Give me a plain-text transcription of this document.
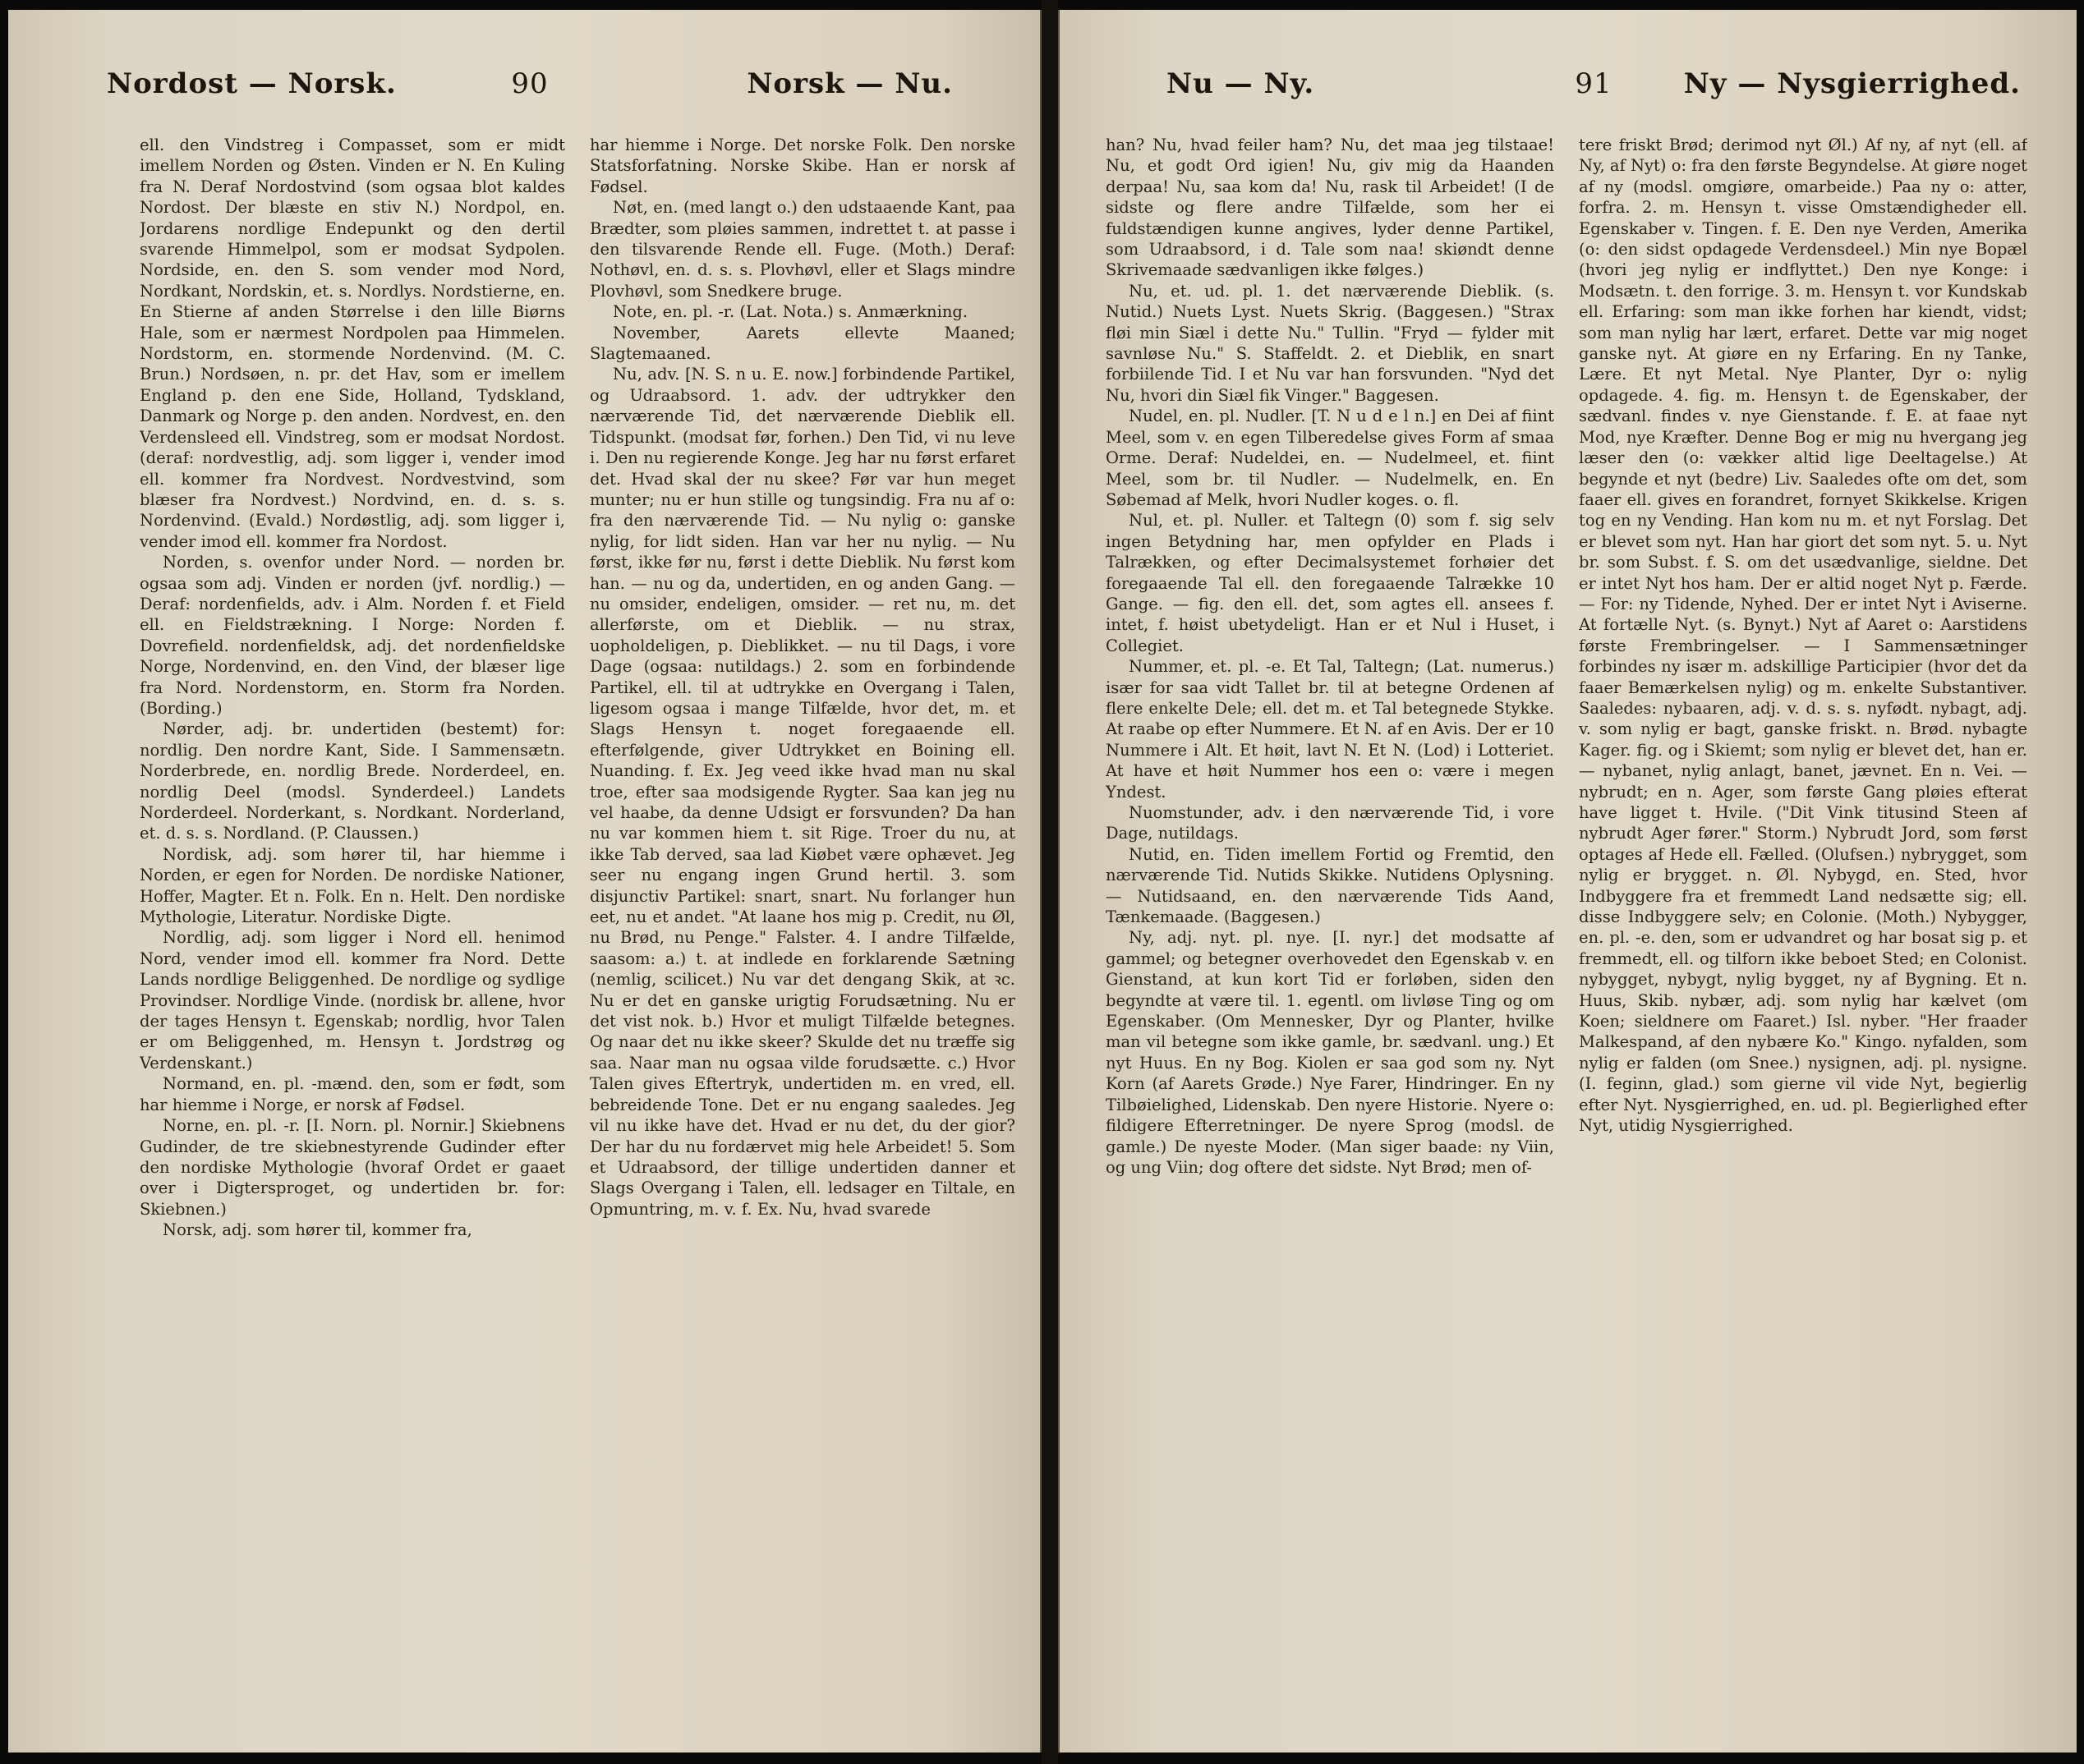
Nordost — Norsk.	90	Norsk — Nu.

ell. den Vindstreg i Compasset, som er midt imellem Norden og Østen. Vinden er N. En Kuling fra N. Deraf Nordostvind (som ogsaa blot kaldes Nordost. Der blæste en stiv N.) Nordpol, en. Jordarens nordlige Endepunkt og den dertil svarende Himmelpol, som er modsat Sydpolen. Nordside, en. den S. som vender mod Nord, Nordkant, Nordskin, et. s. Nordlys. Nordstierne, en. En Stierne af anden Størrelse i den lille Biørns Hale, som er nærmest Nordpolen paa Himmelen. Nordstorm, en. stormende Nordenvind. (M. C. Brun.) Nordsøen, n. pr. det Hav, som er imellem England p. den ene Side, Holland, Tydskland, Danmark og Norge p. den anden. Nordvest, en. den Verdensleed ell. Vindstreg, som er modsat Nordost. (deraf: nordvestlig, adj. som ligger i, vender imod ell. kommer fra Nordvest. Nordvestvind, som blæser fra Nordvest.) Nordvind, en. d. s. s. Nordenvind. (Evald.) Nordøstlig, adj. som ligger i, vender imod ell. kommer fra Nordost.

Norden, s. ovenfor under Nord. — norden br. ogsaa som adj. Vinden er norden (jvf. nordlig.) — Deraf: nordenfields, adv. i Alm. Norden f. et Field ell. en Fieldstrækning. I Norge: Norden f. Dovrefield. nordenfieldsk, adj. det nordenfieldske Norge, Nordenvind, en. den Vind, der blæser lige fra Nord. Nordenstorm, en. Storm fra Norden. (Bording.)

Nørder, adj. br. undertiden (bestemt) for: nordlig. Den nordre Kant, Side. I Sammensætn. Norderbrede, en. nordlig Brede. Norderdeel, en. nordlig Deel (modsl. Synderdeel.) Landets Norderdeel. Norderkant, s. Nordkant. Norderland, et. d. s. s. Nordland. (P. Claussen.)

Nordisk, adj. som hører til, har hiemme i Norden, er egen for Norden. De nordiske Nationer, Hoffer, Magter. Et n. Folk. En n. Helt. Den nordiske Mythologie, Literatur. Nordiske Digte.

Nordlig, adj. som ligger i Nord ell. henimod Nord, vender imod ell. kommer fra Nord. Dette Lands nordlige Beliggenhed. De nordlige og sydlige Provindser. Nordlige Vinde. (nordisk br. allene, hvor der tages Hensyn t. Egenskab; nordlig, hvor Talen er om Beliggenhed, m. Hensyn t. Jordstrøg og Verdenskant.)

Normand, en. pl. -mænd. den, som er født, som har hiemme i Norge, er norsk af Fødsel.

Norne, en. pl. -r. [I. Norn. pl. Nornir.] Skiebnens Gudinder, de tre skiebnestyrende Gudinder efter den nordiske Mythologie (hvoraf Ordet er gaaet over i Digtersproget, og undertiden br. for: Skiebnen.)

Norsk, adj. som hører til, kommer fra,

har hiemme i Norge. Det norske Folk. Den norske Statsforfatning. Norske Skibe. Han er norsk af Fødsel.

Nøt, en. (med langt o.) den udstaaende Kant, paa Brædter, som pløies sammen, indrettet t. at passe i den tilsvarende Rende ell. Fuge. (Moth.) Deraf: Nothøvl, en. d. s. s. Plovhøvl, eller et Slags mindre Plovhøvl, som Snedkere bruge.

Note, en. pl. -r. (Lat. Nota.) s. Anmærkning.

November, Aarets ellevte Maaned; Slagtemaaned.

Nu, adv. [N. S. n u. E. now.] forbindende Partikel, og Udraabsord. 1. adv. der udtrykker den nærværende Tid, det nærværende Dieblik ell. Tidspunkt. (modsat før, forhen.) Den Tid, vi nu leve i. Den nu regierende Konge. Jeg har nu først erfaret det. Hvad skal der nu skee? Før var hun meget munter; nu er hun stille og tungsindig. Fra nu af o: fra den nærværende Tid. — Nu nylig o: ganske nylig, for lidt siden. Han var her nu nylig. — Nu først, ikke før nu, først i dette Dieblik. Nu først kom han. — nu og da, undertiden, en og anden Gang. — nu omsider, endeligen, omsider. — ret nu, m. det allerførste, om et Dieblik. — nu strax, uopholdeligen, p. Dieblikket. — nu til Dags, i vore Dage (ogsaa: nutildags.) 2. som en forbindende Partikel, ell. til at udtrykke en Overgang i Talen, ligesom ogsaa i mange Tilfælde, hvor det, m. et Slags Hensyn t. noget foregaaende ell. efterfølgende, giver Udtrykket en Boining ell. Nuanding. f. Ex. Jeg veed ikke hvad man nu skal troe, efter saa modsigende Rygter. Saa kan jeg nu vel haabe, da denne Udsigt er forsvunden? Da han nu var kommen hiem t. sit Rige. Troer du nu, at ikke Tab derved, saa lad Kiøbet være ophævet. Jeg seer nu engang ingen Grund hertil. 3. som disjunctiv Partikel: snart, snart. Nu forlanger hun eet, nu et andet. "At laane hos mig p. Credit, nu Øl, nu Brød, nu Penge." Falster. 4. I andre Tilfælde, saasom: a.) t. at indlede en forklarende Sætning (nemlig, scilicet.) Nu var det dengang Skik, at ꝛc. Nu er det en ganske urigtig Forudsætning. Nu er det vist nok. b.) Hvor et muligt Tilfælde betegnes. Og naar det nu ikke skeer? Skulde det nu træffe sig saa. Naar man nu ogsaa vilde forudsætte. c.) Hvor Talen gives Eftertryk, undertiden m. en vred, ell. bebreidende Tone. Det er nu engang saaledes. Jeg vil nu ikke have det. Hvad er nu det, du der gior? Der har du nu fordærvet mig hele Arbeidet! 5. Som et Udraabsord, der tillige undertiden danner et Slags Overgang i Talen, ell. ledsager en Tiltale, en Opmuntring, m. v. f. Ex. Nu, hvad svarede

Nu — Ny.	91	Ny — Nysgierrighed.

han? Nu, hvad feiler ham? Nu, det maa jeg tilstaae! Nu, et godt Ord igien! Nu, giv mig da Haanden derpaa! Nu, saa kom da! Nu, rask til Arbeidet! (I de sidste og flere andre Tilfælde, som her ei fuldstændigen kunne angives, lyder denne Partikel, som Udraabsord, i d. Tale som naa! skiøndt denne Skrivemaade sædvanligen ikke følges.)

Nu, et. ud. pl. 1. det nærværende Dieblik. (s. Nutid.) Nuets Lyst. Nuets Skrig. (Baggesen.) "Strax fløi min Siæl i dette Nu." Tullin. "Fryd — fylder mit savnløse Nu." S. Staffeldt. 2. et Dieblik, en snart forbiilende Tid. I et Nu var han forsvunden. "Nyd det Nu, hvori din Siæl fik Vinger." Baggesen.

Nudel, en. pl. Nudler. [T. N u d e l n.] en Dei af fiint Meel, som v. en egen Tilberedelse gives Form af smaa Orme. Deraf: Nudeldei, en. — Nudelmeel, et. fiint Meel, som br. til Nudler. — Nudelmelk, en. En Søbemad af Melk, hvori Nudler koges. o. fl.

Nul, et. pl. Nuller. et Taltegn (0) som f. sig selv ingen Betydning har, men opfylder en Plads i Talrækken, og efter Decimalsystemet forhøier det foregaaende Tal ell. den foregaaende Talrække 10 Gange. — fig. den ell. det, som agtes ell. ansees f. intet, f. høist ubetydeligt. Han er et Nul i Huset, i Collegiet.

Nummer, et. pl. -e. Et Tal, Taltegn; (Lat. numerus.) især for saa vidt Tallet br. til at betegne Ordenen af flere enkelte Dele; ell. det m. et Tal betegnede Stykke. At raabe op efter Nummere. Et N. af en Avis. Der er 10 Nummere i Alt. Et høit, lavt N. Et N. (Lod) i Lotteriet. At have et høit Nummer hos een o: være i megen Yndest.

Nuomstunder, adv. i den nærværende Tid, i vore Dage, nutildags.

Nutid, en. Tiden imellem Fortid og Fremtid, den nærværende Tid. Nutids Skikke. Nutidens Oplysning. — Nutidsaand, en. den nærværende Tids Aand, Tænkemaade. (Baggesen.)

Ny, adj. nyt. pl. nye. [I. nyr.] det modsatte af gammel; og betegner overhovedet den Egenskab v. en Gienstand, at kun kort Tid er forløben, siden den begyndte at være til. 1. egentl. om livløse Ting og om Egenskaber. (Om Mennesker, Dyr og Planter, hvilke man vil betegne som ikke gamle, br. sædvanl. ung.) Et nyt Huus. En ny Bog. Kiolen er saa god som ny. Nyt Korn (af Aarets Grøde.) Nye Farer, Hindringer. En ny Tilbøielighed, Lidenskab. Den nyere Historie. Nyere o: fildigere Efterretninger. De nyere Sprog (modsl. de gamle.) De nyeste Moder. (Man siger baade: ny Viin, og ung Viin; dog oftere det sidste. Nyt Brød; men of-

tere friskt Brød; derimod nyt Øl.) Af ny, af nyt (ell. af Ny, af Nyt) o: fra den første Begyndelse. At giøre noget af ny (modsl. omgiøre, omarbeide.) Paa ny o: atter, forfra. 2. m. Hensyn t. visse Omstændigheder ell. Egenskaber v. Tingen. f. E. Den nye Verden, Amerika (o: den sidst opdagede Verdensdeel.) Min nye Bopæl (hvori jeg nylig er indflyttet.) Den nye Konge: i Modsætn. t. den forrige. 3. m. Hensyn t. vor Kundskab ell. Erfaring: som man ikke forhen har kiendt, vidst; som man nylig har lært, erfaret. Dette var mig noget ganske nyt. At giøre en ny Erfaring. En ny Tanke, Lære. Et nyt Metal. Nye Planter, Dyr o: nylig opdagede. 4. fig. m. Hensyn t. de Egenskaber, der sædvanl. findes v. nye Gienstande. f. E. at faae nyt Mod, nye Kræfter. Denne Bog er mig nu hvergang jeg læser den (o: vækker altid lige Deeltagelse.) At begynde et nyt (bedre) Liv. Saaledes ofte om det, som faaer ell. gives en forandret, fornyet Skikkelse. Krigen tog en ny Vending. Han kom nu m. et nyt Forslag. Det er blevet som nyt. Han har giort det som nyt. 5. u. Nyt br. som Subst. f. S. om det usædvanlige, sieldne. Det er intet Nyt hos ham. Der er altid noget Nyt p. Færde. — For: ny Tidende, Nyhed. Der er intet Nyt i Aviserne. At fortælle Nyt. (s. Bynyt.) Nyt af Aaret o: Aarstidens første Frembringelser. — I Sammensætninger forbindes ny især m. adskillige Participier (hvor det da faaer Bemærkelsen nylig) og m. enkelte Substantiver. Saaledes: nybaaren, adj. v. d. s. s. nyfødt. nybagt, adj. v. som nylig er bagt, ganske friskt. n. Brød. nybagte Kager. fig. og i Skiemt; som nylig er blevet det, han er. — nybanet, nylig anlagt, banet, jævnet. En n. Vei. — nybrudt; en n. Ager, som første Gang pløies efterat have ligget t. Hvile. ("Dit Vink titusind Steen af nybrudt Ager fører." Storm.) Nybrudt Jord, som først optages af Hede ell. Fælled. (Olufsen.) nybrygget, som nylig er brygget. n. Øl. Nybygd, en. Sted, hvor Indbyggere fra et fremmedt Land nedsætte sig; ell. disse Indbyggere selv; en Colonie. (Moth.) Nybygger, en. pl. -e. den, som er udvandret og har bosat sig p. et fremmedt, ell. og tilforn ikke beboet Sted; en Colonist. nybygget, nybygt, nylig bygget, ny af Bygning. Et n. Huus, Skib. nybær, adj. som nylig har kælvet (om Koen; sieldnere om Faaret.) Isl. nyber. "Her fraader Malkespand, af den nybære Ko." Kingo. nyfalden, som nylig er falden (om Snee.) nysignen, adj. pl. nysigne. (I. feginn, glad.) som gierne vil vide Nyt, begierlig efter Nyt. Nysgierrighed, en. ud. pl. Begierlighed efter Nyt, utidig Nysgierrighed.
